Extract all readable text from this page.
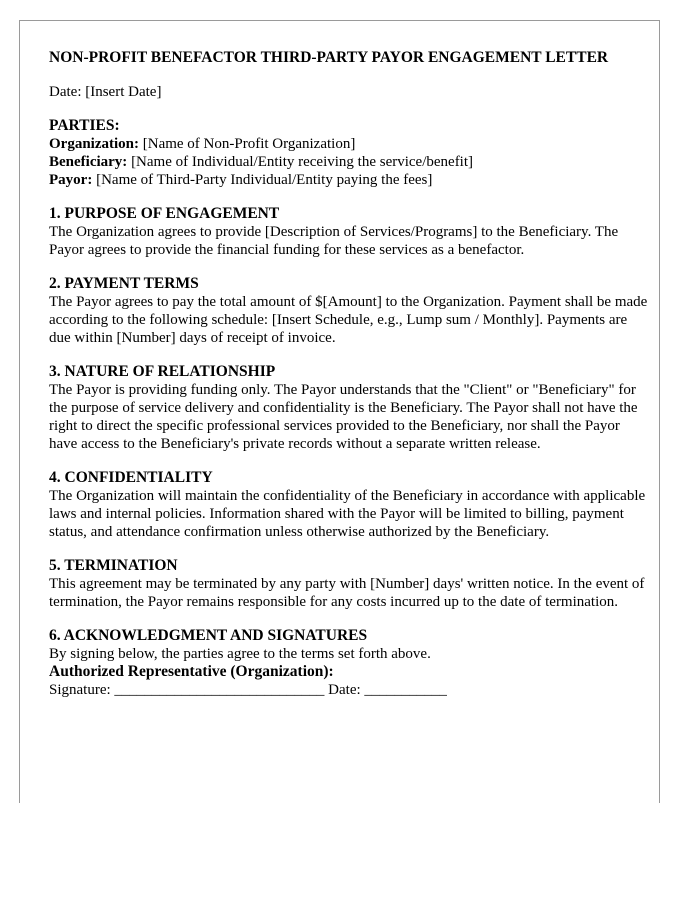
NON-PROFIT BENEFACTOR THIRD-PARTY PAYOR ENGAGEMENT LETTER

Date: [Insert Date]

PARTIES:

Organization: [Name of Non-Profit Organization]

Beneficiary: [Name of Individual/Entity receiving the service/benefit]

Payor: [Name of Third-Party Individual/Entity paying the fees]

1. PURPOSE OF ENGAGEMENT

The Organization agrees to provide [Description of Services/Programs] to the Beneficiary. The Payor agrees to provide the financial funding for these services as a benefactor.

2. PAYMENT TERMS

The Payor agrees to pay the total amount of $[Amount] to the Organization. Payment shall be made according to the following schedule: [Insert Schedule, e.g., Lump sum / Monthly]. Payments are due within [Number] days of receipt of invoice.

3. NATURE OF RELATIONSHIP

The Payor is providing funding only. The Payor understands that the "Client" or "Beneficiary" for the purpose of service delivery and confidentiality is the Beneficiary. The Payor shall not have the right to direct the specific professional services provided to the Beneficiary, nor shall the Payor have access to the Beneficiary's private records without a separate written release.

4. CONFIDENTIALITY

The Organization will maintain the confidentiality of the Beneficiary in accordance with applicable laws and internal policies. Information shared with the Payor will be limited to billing, payment status, and attendance confirmation unless otherwise authorized by the Beneficiary.

5. TERMINATION

This agreement may be terminated by any party with [Number] days' written notice. In the event of termination, the Payor remains responsible for any costs incurred up to the date of termination.

6. ACKNOWLEDGMENT AND SIGNATURES

By signing below, the parties agree to the terms set forth above.

Authorized Representative (Organization):

Signature: ____________________________ Date: ___________
